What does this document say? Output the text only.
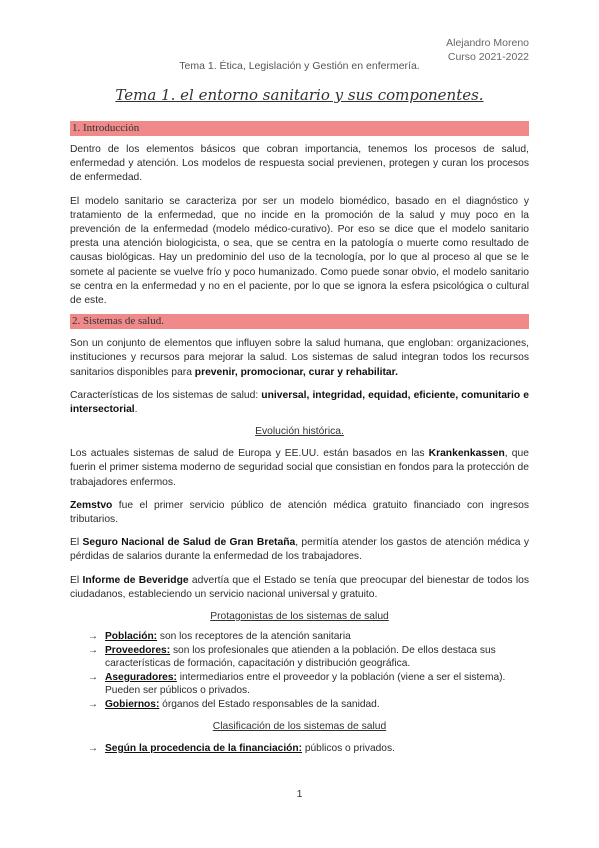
Alejandro Moreno
Curso 2021-2022
Tema 1. Ética, Legislación y Gestión en enfermería.
Tema 1. el entorno sanitario y sus componentes.
1. Introducción

Dentro de los elementos básicos que cobran importancia, tenemos los procesos de salud, enfermedad y atención. Los modelos de respuesta social previenen, protegen y curan los procesos de enfermedad.

El modelo sanitario se caracteriza por ser un modelo biomédico, basado en el diagnóstico y tratamiento de la enfermedad, que no incide en la promoción de la salud y muy poco en la prevención de la enfermedad (modelo médico-curativo). Por eso se dice que el modelo sanitario presta una atención biologicista, o sea, que se centra en la patología o muerte como resultado de causas biológicas. Hay un predominio del uso de la tecnología, por lo que al proceso al que se le somete al paciente se vuelve frío y poco humanizado. Como puede sonar obvio, el modelo sanitario se centra en la enfermedad y no en el paciente, por lo que se ignora la esfera psicológica o cultural de este.

2. Sistemas de salud.

Son un conjunto de elementos que influyen sobre la salud humana, que engloban: organizaciones, instituciones y recursos para mejorar la salud. Los sistemas de salud integran todos los recursos sanitarios disponibles para prevenir, promocionar, curar y rehabilitar.

Características de los sistemas de salud: universal, integridad, equidad, eficiente, comunitario e intersectorial.

Evolución histórica.

Los actuales sistemas de salud de Europa y EE.UU. están basados en las Krankenkassen, que fuerin el primer sistema moderno de seguridad social que consistian en fondos para la protección de trabajadores enfermos.

Zemstvo fue el primer servicio público de atención médica gratuito financiado con ingresos tributarios.

El Seguro Nacional de Salud de Gran Bretaña, permitía atender los gastos de atención médica y pérdidas de salarios durante la enfermedad de los trabajadores.

El Informe de Beveridge advertía que el Estado se tenía que preocupar del bienestar de todos los ciudadanos, estableciendo un servicio nacional universal y gratuito.

Protagonistas de los sistemas de salud
→ Población: son los receptores de la atención sanitaria
→ Proveedores: son los profesionales que atienden a la población. De ellos destaca sus características de formación, capacitación y distribución geográfica.
→ Aseguradores: intermediarios entre el proveedor y la población (viene a ser el sistema). Pueden ser públicos o privados.
→ Gobiernos: órganos del Estado responsables de la sanidad.
Clasificación de los sistemas de salud
→ Según la procedencia de la financiación: públicos o privados.
1
